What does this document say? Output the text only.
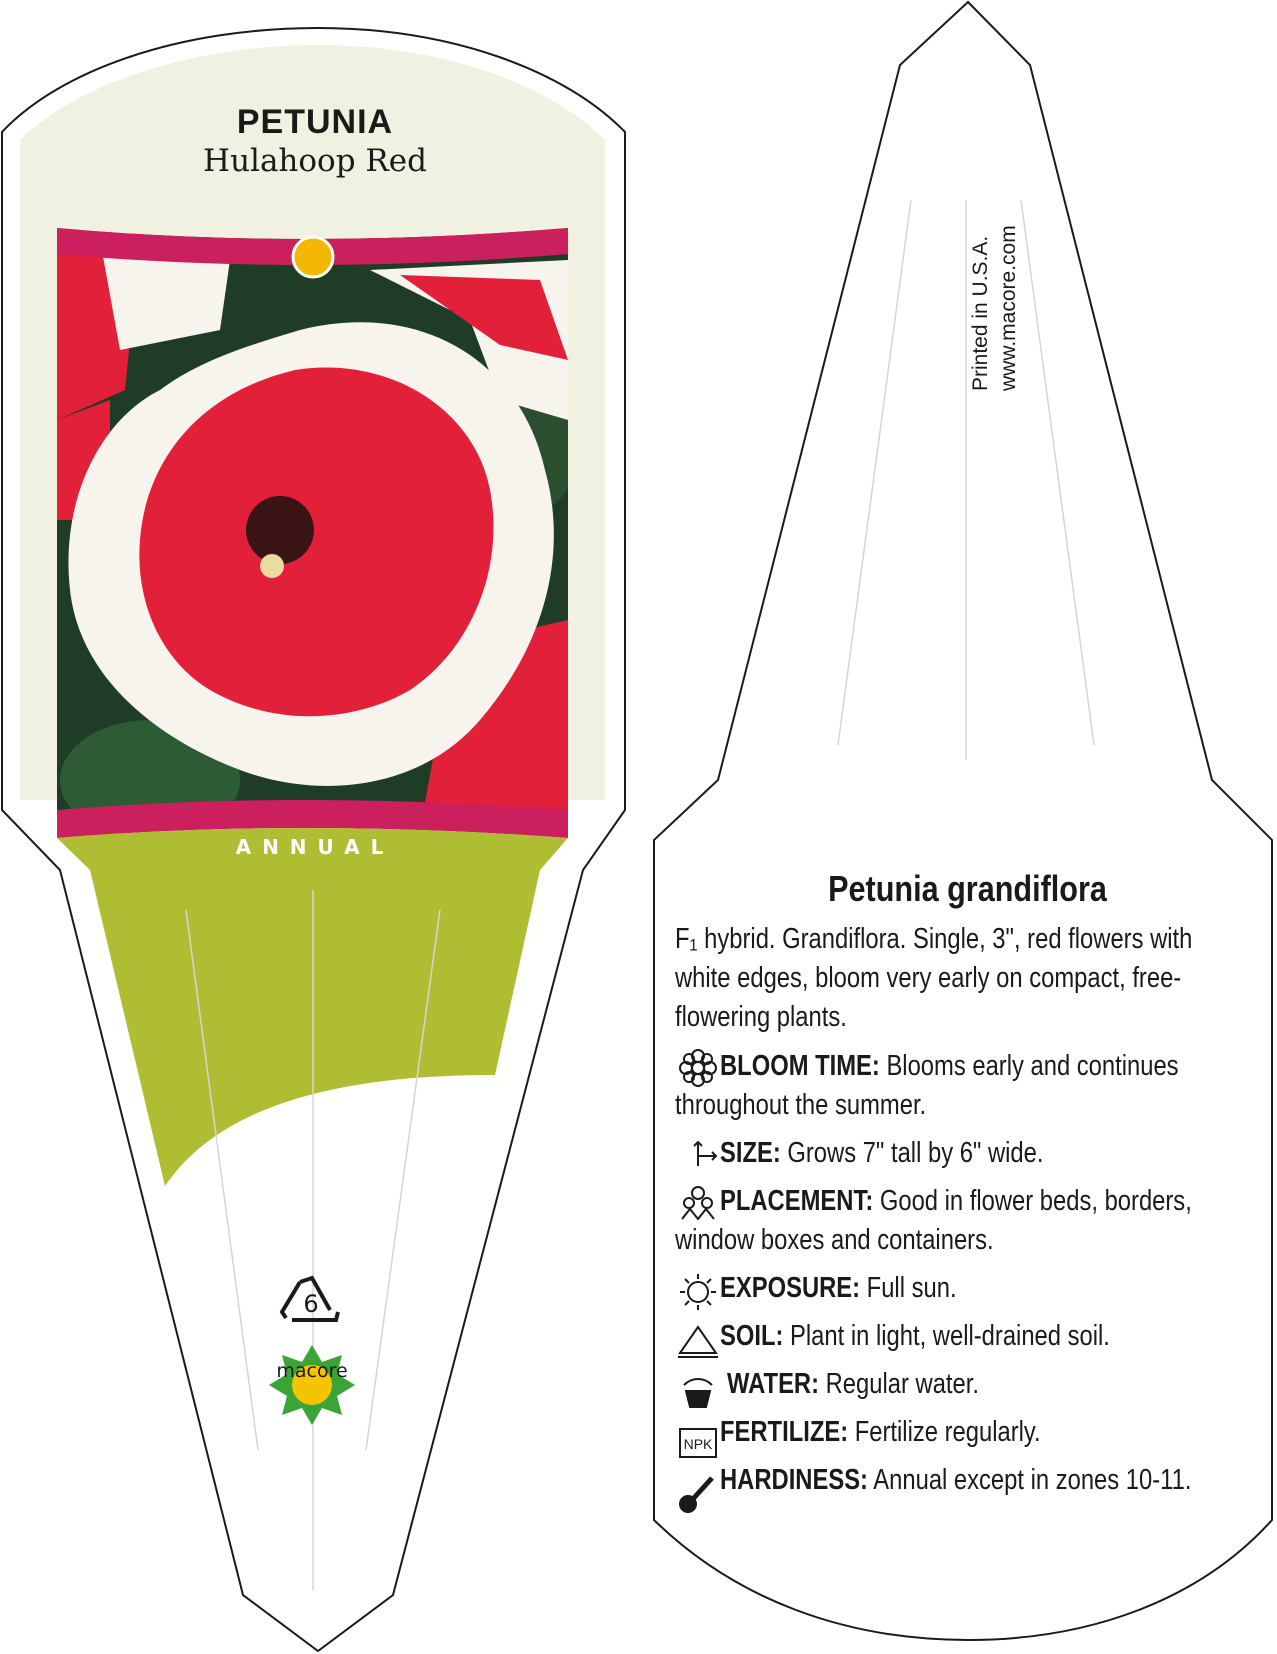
NPK
PETUNIA
Hulahoop Red
ANNUAL
6
macore
Printed in U.S.A. www.macore.com
Petunia grandiflora
F₁ hybrid. Grandiflora. Single, 3", red flowers with white edges, bloom very early on compact, free-flowering plants.
BLOOM TIME: Blooms early and continues
throughout the summer.
SIZE: Grows 7" tall by 6" wide.
PLACEMENT: Good in flower beds, borders,
window boxes and containers.
EXPOSURE: Full sun.
SOIL: Plant in light, well-drained soil.
WATER: Regular water.
FERTILIZE: Fertilize regularly.
HARDINESS: Annual except in zones 10-11.
